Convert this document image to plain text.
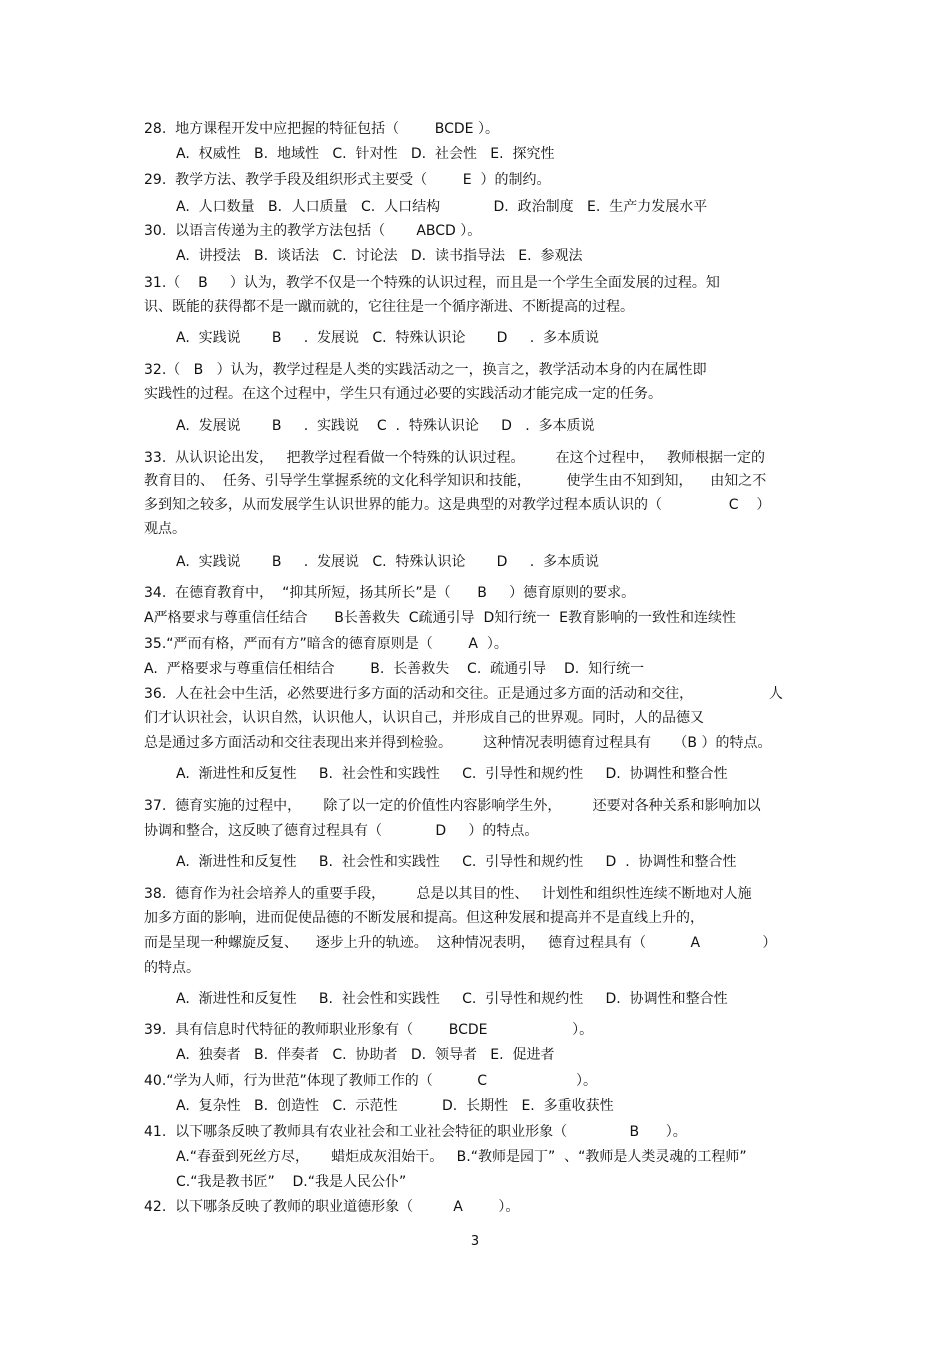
28.  地方课程开发中应把握的特征包括（        BCDE ）。

A.  权威性   B.  地域性   C.  针对性   D.  社会性   E.  探究性

29.  教学方法、教学手段及组织形式主要受（        E  ）的制约。

A.  人口数量   B．人口质量   C.  人口结构            D.  政治制度   E.  生产力发展水平

30.  以语言传递为主的教学方法包括（       ABCD ）。

A.  讲授法   B.  谈话法   C.  讨论法   D.  读书指导法   E.  参观法

31.（    B     ）认为，教学不仅是一个特殊的认识过程，而且是一个学生全面发展的过程。知

识、既能的获得都不是一蹴而就的，它往往是一个循序渐进、不断提高的过程。

A.  实践说       B     .  发展说   C.  特殊认识论       D     .  多本质说

32.（   B   ）认为，教学过程是人类的实践活动之一，换言之，教学活动本身的内在属性即

实践性的过程。在这个过程中，学生只有通过必要的实践活动才能完成一定的任务。

A.  发展说       B     .  实践说    C  .  特殊认识论     D   .  多本质说

33.  从认识论出发，   把教学过程看做一个特殊的认识过程。       在这个过程中，   教师根据一定的

教育目的、  任务、引导学生掌握系统的文化科学知识和技能，        使学生由不知到知，    由知之不

多到知之较多，从而发展学生认识世界的能力。这是典型的对教学过程本质认识的（               C    ）

观点。

A.  实践说       B     .  发展说   C.  特殊认识论       D     .  多本质说

34.  在德育教育中，  “抑其所短，扬其所长”是（      B     ）德育原则的要求。

A严格要求与尊重信任结合      B长善救失  C疏通引导  D知行统一  E教育影响的一致性和连续性

35.“严而有格，严而有方”暗含的德育原则是（        A  ）。

A.  严格要求与尊重信任相结合        B.  长善救失    C.  疏通引导    D.  知行统一

36.  人在社会中生活，必然要进行多方面的活动和交往。正是通过多方面的活动和交往，                 人

们才认识社会，认识自然，认识他人，认识自己，并形成自己的世界观。同时，人的品德又

总是通过多方面活动和交往表现出来并得到检验。       这种情况表明德育过程具有     （B ）的特点。

A.  渐进性和反复性     B.  社会性和实践性     C.  引导性和规约性     D.  协调性和整合性

37.  德育实施的过程中，     除了以一定的价值性内容影响学生外，       还要对各种关系和影响加以

协调和整合，这反映了德育过程具有（            D     ）的特点。

A.  渐进性和反复性     B.  社会性和实践性     C.  引导性和规约性     D  .  协调性和整合性

38.  德育作为社会培养人的重要手段，       总是以其目的性、   计划性和组织性连续不断地对人施

加多方面的影响，进而促使品德的不断发展和提高。但这种发展和提高并不是直线上升的，

而是呈现一种螺旋反复、    逐步上升的轨迹。  这种情况表明，   德育过程具有（          A              ）

的特点。

A.  渐进性和反复性     B.  社会性和实践性     C.  引导性和规约性     D.  协调性和整合性

39.  具有信息时代特征的教师职业形象有（        BCDE                   ）。

A.  独奏者   B.  伴奏者   C.  协助者   D.  领导者   E.  促进者

40.“学为人师，行为世范”体现了教师工作的（          C                    ）。

A.  复杂性   B.  创造性   C.  示范性          D.  长期性   E.  多重收获性

41.  以下哪条反映了教师具有农业社会和工业社会特征的职业形象（              B      ）。

A.“春蚕到死丝方尽，     蜡炬成灰泪始干。   B.“教师是园丁”  、“教师是人类灵魂的工程师”

C.“我是教书匠”    D.“我是人民公仆”

42.  以下哪条反映了教师的职业道德形象（         A        ）。

3
